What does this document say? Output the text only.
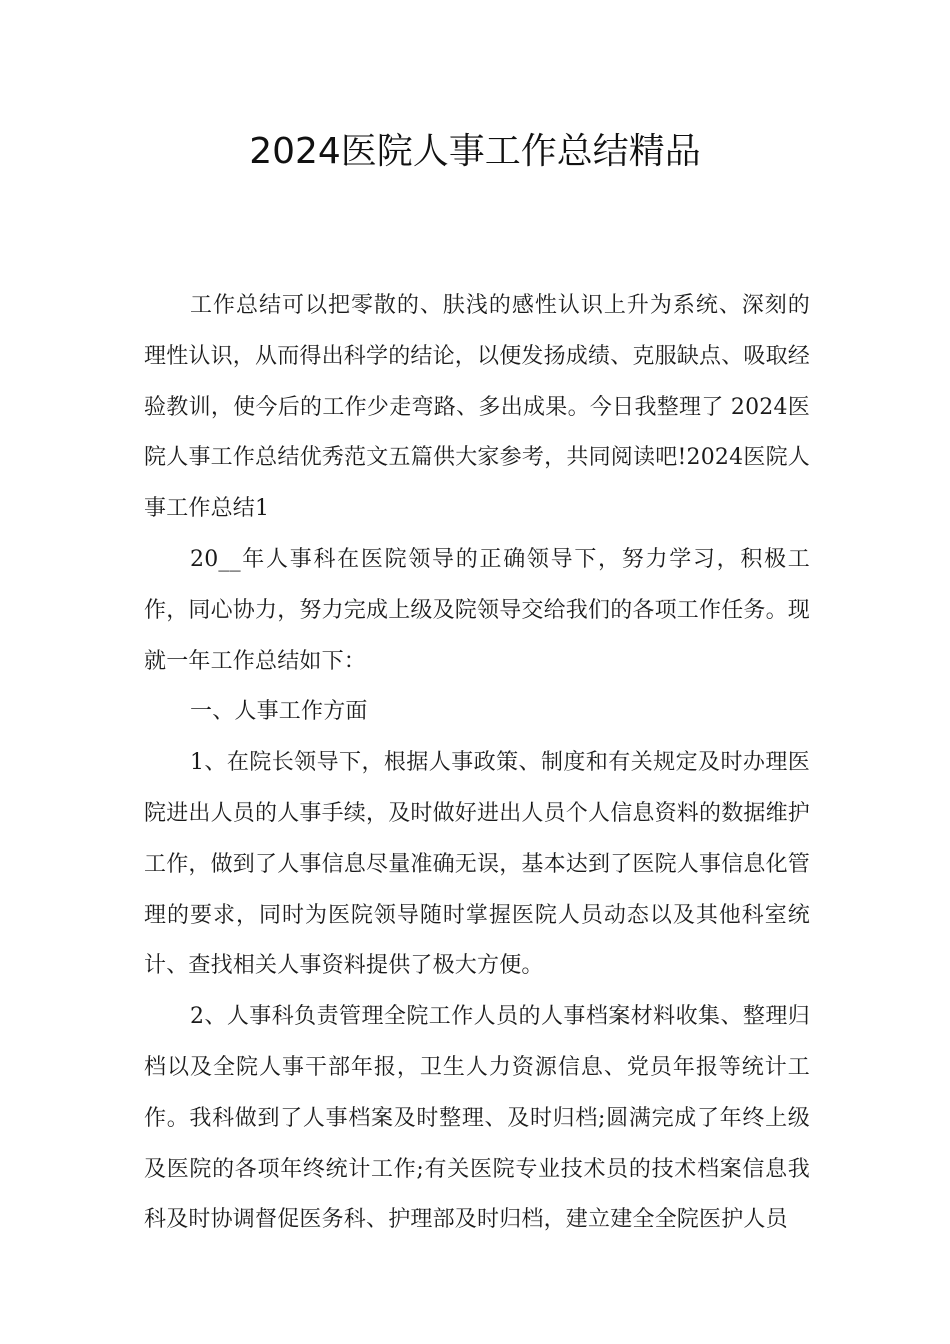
2024医院人事工作总结精品

工作总结可以把零散的、肤浅的感性认识上升为系统、深刻的理性认识，从而得出科学的结论，以便发扬成绩、克服缺点、吸取经验教训，使今后的工作少走弯路、多出成果。今日我整理了 2024医院人事工作总结优秀范文五篇供大家参考，共同阅读吧!2024医院人事工作总结1

20__年人事科在医院领导的正确领导下，努力学习，积极工作，同心协力，努力完成上级及院领导交给我们的各项工作任务。现就一年工作总结如下：

一、人事工作方面

1、在院长领导下，根据人事政策、制度和有关规定及时办理医院进出人员的人事手续，及时做好进出人员个人信息资料的数据维护工作，做到了人事信息尽量准确无误，基本达到了医院人事信息化管理的要求，同时为医院领导随时掌握医院人员动态以及其他科室统计、查找相关人事资料提供了极大方便。

2、人事科负责管理全院工作人员的人事档案材料收集、整理归档以及全院人事干部年报，卫生人力资源信息、党员年报等统计工作。我科做到了人事档案及时整理、及时归档;圆满完成了年终上级及医院的各项年终统计工作;有关医院专业技术员的技术档案信息我科及时协调督促医务科、护理部及时归档，建立建全全院医护人员
